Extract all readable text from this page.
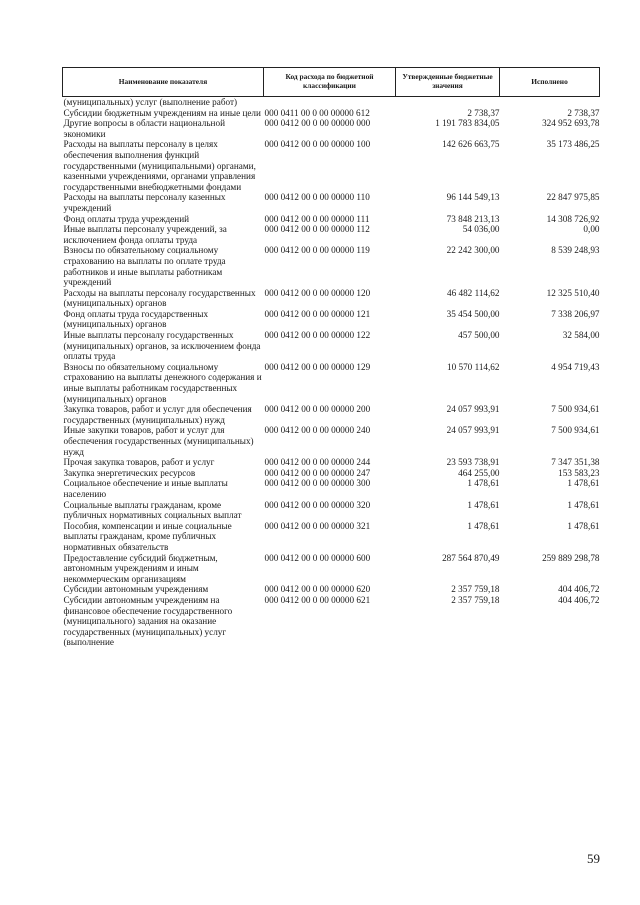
Наименование показателя	Код расхода по бюджетной классификации	Утвержденные бюджетные значения	Исполнено
(муниципальных) услуг (выполнение работ)			
Субсидии бюджетным учреждениям на иные цели	000 0411 00 0 00 00000 612	2 738,37	2 738,37
Другие вопросы в области национальной экономики	000 0412 00 0 00 00000 000	1 191 783 834,05	324 952 693,78
Расходы на выплаты персоналу в целях обеспечения выполнения функций государственными (муниципальными) органами, казенными учреждениями, органами управления государственными внебюджетными фондами	000 0412 00 0 00 00000 100	142 626 663,75	35 173 486,25
Расходы на выплаты персоналу казенных учреждений	000 0412 00 0 00 00000 110	96 144 549,13	22 847 975,85
Фонд оплаты труда учреждений	000 0412 00 0 00 00000 111	73 848 213,13	14 308 726,92
Иные выплаты персоналу учреждений, за исключением фонда оплаты труда	000 0412 00 0 00 00000 112	54 036,00	0,00
Взносы по обязательному социальному страхованию на выплаты по оплате труда работников и иные выплаты работникам учреждений	000 0412 00 0 00 00000 119	22 242 300,00	8 539 248,93
Расходы на выплаты персоналу государственных (муниципальных) органов	000 0412 00 0 00 00000 120	46 482 114,62	12 325 510,40
Фонд оплаты труда государственных (муниципальных) органов	000 0412 00 0 00 00000 121	35 454 500,00	7 338 206,97
Иные выплаты персоналу государственных (муниципальных) органов, за исключением фонда оплаты труда	000 0412 00 0 00 00000 122	457 500,00	32 584,00
Взносы по обязательному социальному страхованию на выплаты денежного содержания и иные выплаты работникам государственных (муниципальных) органов	000 0412 00 0 00 00000 129	10 570 114,62	4 954 719,43
Закупка товаров, работ и услуг для обеспечения государственных (муниципальных) нужд	000 0412 00 0 00 00000 200	24 057 993,91	7 500 934,61
Иные закупки товаров, работ и услуг для обеспечения государственных (муниципальных) нужд	000 0412 00 0 00 00000 240	24 057 993,91	7 500 934,61
Прочая закупка товаров, работ и услуг	000 0412 00 0 00 00000 244	23 593 738,91	7 347 351,38
Закупка энергетических ресурсов	000 0412 00 0 00 00000 247	464 255,00	153 583,23
Социальное обеспечение и иные выплаты населению	000 0412 00 0 00 00000 300	1 478,61	1 478,61
Социальные выплаты гражданам, кроме публичных нормативных социальных выплат	000 0412 00 0 00 00000 320	1 478,61	1 478,61
Пособия, компенсации и иные социальные выплаты гражданам, кроме публичных нормативных обязательств	000 0412 00 0 00 00000 321	1 478,61	1 478,61
Предоставление субсидий бюджетным, автономным учреждениям и иным некоммерческим организациям	000 0412 00 0 00 00000 600	287 564 870,49	259 889 298,78
Субсидии автономным учреждениям	000 0412 00 0 00 00000 620	2 357 759,18	404 406,72
Субсидии автономным учреждениям на финансовое обеспечение государственного (муниципального) задания на оказание государственных (муниципальных) услуг (выполнение	000 0412 00 0 00 00000 621	2 357 759,18	404 406,72
59
